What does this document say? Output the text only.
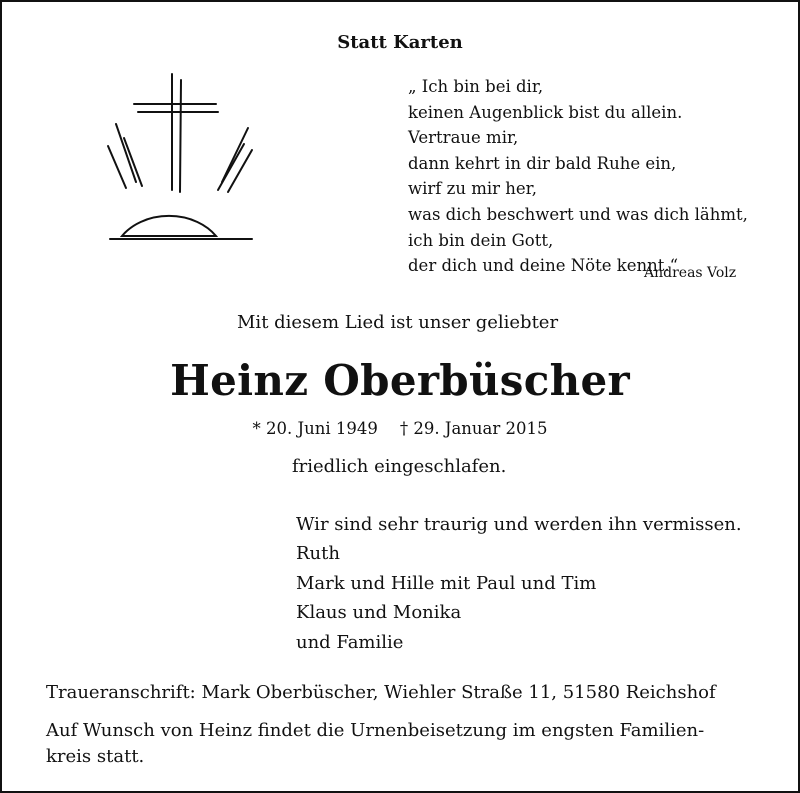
Statt Karten
„ Ich bin bei dir,
keinen Augenblick bist du allein.
Vertraue mir,
dann kehrt in dir bald Ruhe ein,
wirf zu mir her,
was dich beschwert und was dich lähmt,
ich bin dein Gott,
der dich und deine Nöte kennt.“
Andreas Volz
Mit diesem Lied ist unser geliebter
Heinz Oberbüscher
* 20. Juni 1949 † 29. Januar 2015
friedlich eingeschlafen.
Wir sind sehr traurig und werden ihn vermissen.
Ruth
Mark und Hille mit Paul und Tim
Klaus und Monika
und Familie
Traueranschrift: Mark Oberbüscher, Wiehler Straße 11, 51580 Reichshof
Auf Wunsch von Heinz findet die Urnenbeisetzung im engsten Familien-kreis statt.
